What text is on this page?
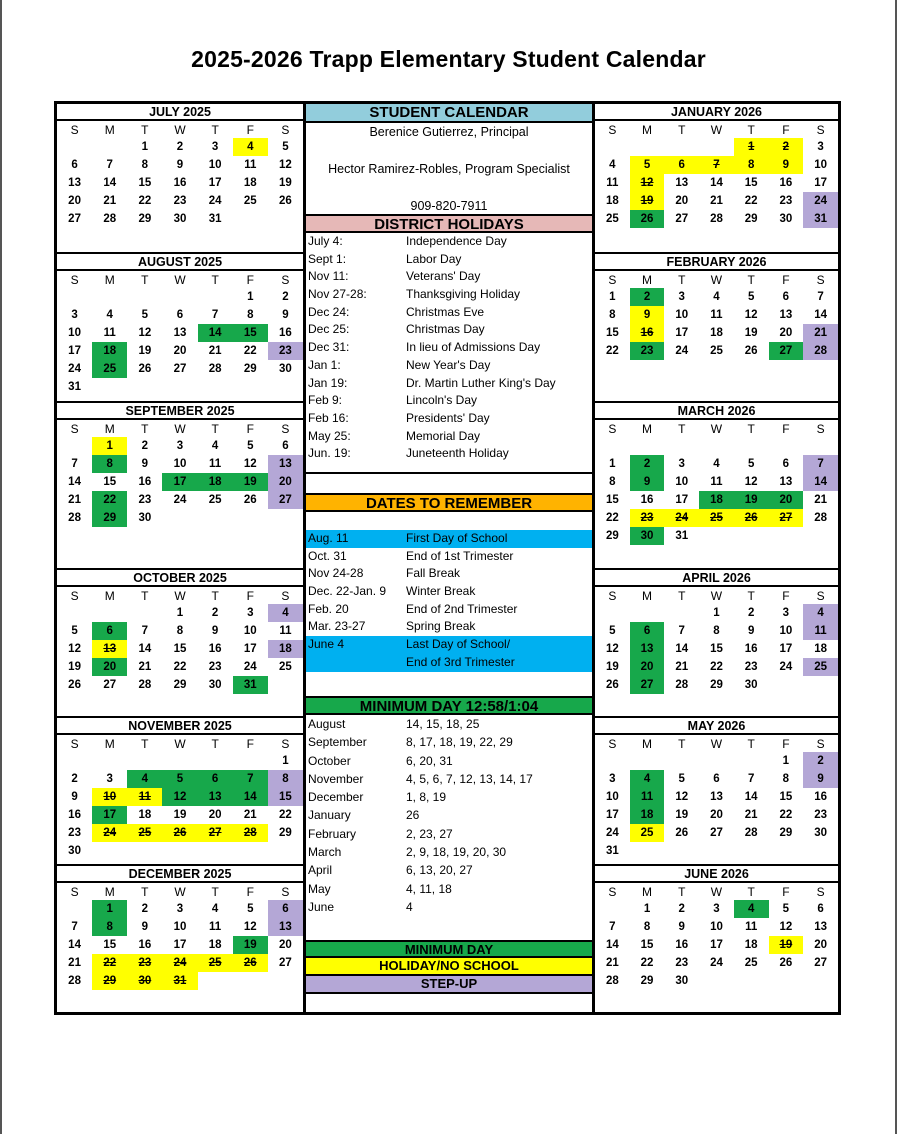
2025-2026 Trapp Elementary Student Calendar
JULY 2025
S	M	T	W	T	F	S
		1	2	3	4	5
6	7	8	9	10	11	12
13	14	15	16	17	18	19
20	21	22	23	24	25	26
27	28	29	30	31		
AUGUST 2025
S	M	T	W	T	F	S
					1	2
3	4	5	6	7	8	9
10	11	12	13	14	15	16
17	18	19	20	21	22	23
24	25	26	27	28	29	30
31						
SEPTEMBER 2025
S	M	T	W	T	F	S
	1	2	3	4	5	6
7	8	9	10	11	12	13
14	15	16	17	18	19	20
21	22	23	24	25	26	27
28	29	30				
OCTOBER 2025
S	M	T	W	T	F	S
			1	2	3	4
5	6	7	8	9	10	11
12	13	14	15	16	17	18
19	20	21	22	23	24	25
26	27	28	29	30	31	
NOVEMBER 2025
S	M	T	W	T	F	S
						1
2	3	4	5	6	7	8
9	10	11	12	13	14	15
16	17	18	19	20	21	22
23	24	25	26	27	28	29
30						
DECEMBER 2025
S	M	T	W	T	F	S
	1	2	3	4	5	6
7	8	9	10	11	12	13
14	15	16	17	18	19	20
21	22	23	24	25	26	27
28	29	30	31			
STUDENT CALENDAR
Berenice Gutierrez, Principal
Hector Ramirez-Robles, Program Specialist
909-820-7911
DISTRICT HOLIDAYS
July 4:	Independence Day
Sept 1:	Labor Day
Nov 11:	Veterans' Day
Nov 27-28:	Thanksgiving Holiday
Dec 24:	Christmas Eve
Dec 25:	Christmas Day
Dec 31:	In lieu of Admissions Day
Jan 1:	New Year's Day
Jan 19:	Dr. Martin Luther King's Day
Feb 9:	Lincoln's Day
Feb 16:	Presidents' Day
May 25:	Memorial Day
Jun. 19:	Juneteenth Holiday
DATES TO REMEMBER
Aug. 11	First Day of School
Oct. 31	End of 1st Trimester
Nov 24-28	Fall Break
Dec. 22-Jan. 9	Winter Break
Feb. 20	End of 2nd Trimester
Mar. 23-27	Spring Break
June 4	Last Day of School/
End of 3rd Trimester
MINIMUM DAY 12:58/1:04
August	14, 15, 18, 25
September	8, 17, 18, 19, 22, 29
October	6, 20, 31
November	4, 5, 6, 7, 12, 13, 14, 17
December	1, 8, 19
January	26
February	2, 23, 27
March	2, 9, 18, 19, 20, 30
April	6, 13, 20, 27
May	4, 11, 18
June	4
MINIMUM DAY
HOLIDAY/NO SCHOOL
STEP-UP
JANUARY 2026
S	M	T	W	T	F	S
				1	2	3
4	5	6	7	8	9	10
11	12	13	14	15	16	17
18	19	20	21	22	23	24
25	26	27	28	29	30	31
FEBRUARY 2026
S	M	T	W	T	F	S
1	2	3	4	5	6	7
8	9	10	11	12	13	14
15	16	17	18	19	20	21
22	23	24	25	26	27	28
MARCH 2026
S	M	T	W	T	F	S

1	2	3	4	5	6	7
8	9	10	11	12	13	14
15	16	17	18	19	20	21
22	23	24	25	26	27	28
29	30	31				
APRIL 2026
S	M	T	W	T	F	S
			1	2	3	4
5	6	7	8	9	10	11
12	13	14	15	16	17	18
19	20	21	22	23	24	25
26	27	28	29	30		
MAY 2026
S	M	T	W	T	F	S
					1	2
3	4	5	6	7	8	9
10	11	12	13	14	15	16
17	18	19	20	21	22	23
24	25	26	27	28	29	30
31						
JUNE 2026
S	M	T	W	T	F	S
	1	2	3	4	5	6
7	8	9	10	11	12	13
14	15	16	17	18	19	20
21	22	23	24	25	26	27
28	29	30				
